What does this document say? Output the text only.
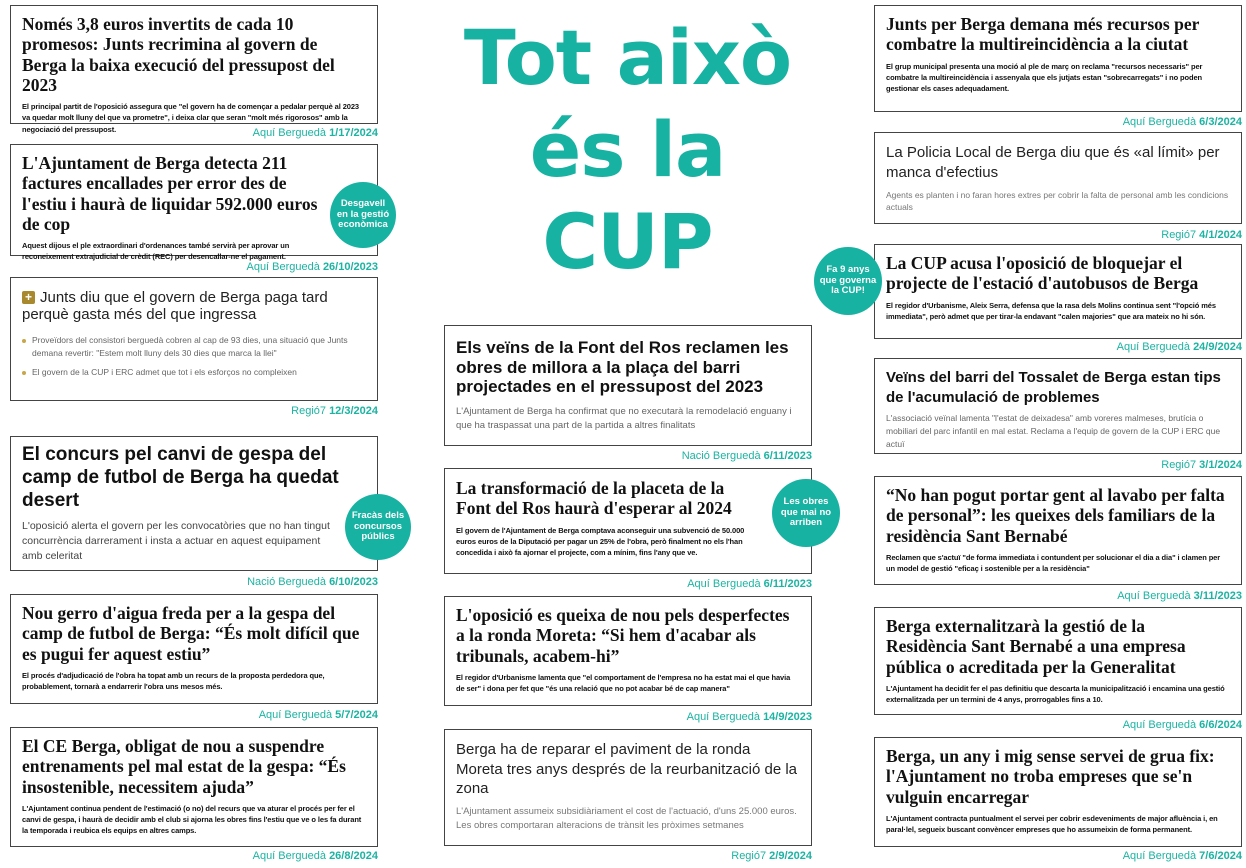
Tot això
és la
CUP

Només 3,8 euros invertits de cada 10 promesos: Junts recrimina al govern de Berga la baixa execució del pressupost del 2023

El principal partit de l'oposició assegura que "el govern ha de començar a pedalar perquè al 2023 va quedar molt lluny del que va prometre", i deixa clar que seran "molt més rigorosos" amb la negociació del pressupost.	Aquí Berguedà 1/17/2024

L'Ajuntament de Berga detecta 211 factures encallades per error des de l'estiu i haurà de liquidar 592.000 euros de cop

Aquest dijous el ple extraordinari d'ordenances també servirà per aprovar un reconeixement extrajudicial de crèdit (REC) per desencallar-ne el pagament.

Aquí Berguedà 26/10/2023

+ Junts diu que el govern de Berga paga tard perquè gasta més del que ingressa

Proveïdors del consistori berguedà cobren al cap de 93 dies, una situació que Junts demana revertir: "Estem molt lluny dels 30 dies que marca la llei"
El govern de la CUP i ERC admet que tot i els esforços no compleixen
Regió7 12/3/2024

El concurs pel canvi de gespa del camp de futbol de Berga ha quedat desert

L'oposició alerta el govern per les convocatòries que no han tingut concurrència darrerament i insta a actuar en aquest equipament amb celeritat

Nació Berguedà 6/10/2023

Nou gerro d'aigua freda per a la gespa del camp de futbol de Berga: “És molt difícil que es pugui fer aquest estiu”

El procés d'adjudicació de l'obra ha topat amb un recurs de la proposta perdedora que, probablement, tornarà a endarrerir l'obra uns mesos més.

Aquí Berguedà 5/7/2024

El CE Berga, obligat de nou a suspendre entrenaments pel mal estat de la gespa: “És insostenible, necessitem ajuda”

L'Ajuntament continua pendent de l'estimació (o no) del recurs que va aturar el procés per fer el canvi de gespa, i haurà de decidir amb el club si ajorna les obres fins l'estiu que ve o les fa durant la temporada i reubica els equips en altres camps.

Aquí Berguedà 26/8/2024

Els veïns de la Font del Ros reclamen les obres de millora a la plaça del barri projectades en el pressupost del 2023

L'Ajuntament de Berga ha confirmat que no executarà la remodelació enguany i que ha traspassat una part de la partida a altres finalitats

Nació Berguedà 6/11/2023

La transformació de la placeta de la Font del Ros haurà d'esperar al 2024

El govern de l'Ajuntament de Berga comptava aconseguir una subvenció de 50.000 euros euros de la Diputació per pagar un 25% de l'obra, però finalment no els l'han concedida i això fa ajornar el projecte, com a mínim, fins l'any que ve.

Aquí Berguedà 6/11/2023

L'oposició es queixa de nou pels desperfectes a la ronda Moreta: “Si hem d'acabar als tribunals, acabem-hi”

El regidor d'Urbanisme lamenta que "el comportament de l'empresa no ha estat mai el que havia de ser" i dona per fet que "és una relació que no pot acabar bé de cap manera"

Aquí Berguedà 14/9/2023

Berga ha de reparar el paviment de la ronda Moreta tres anys després de la reurbanització de la zona

L'Ajuntament assumeix subsidiàriament el cost de l'actuació, d'uns 25.000 euros. Les obres comportaran alteracions de trànsit les pròximes setmanes

Regió7 2/9/2024

Junts per Berga demana més recursos per combatre la multireincidència a la ciutat

El grup municipal presenta una moció al ple de març on reclama "recursos necessaris" per combatre la multireincidència i assenyala que els jutjats estan "sobrecarregats" i no poden gestionar els cases adequadament.

Aquí Berguedà 6/3/2024

La Policia Local de Berga diu que és «al límit» per manca d'efectius

Agents es planten i no faran hores extres per cobrir la falta de personal amb les condicions actuals

Regió7 4/1/2024

La CUP acusa l'oposició de bloquejar el projecte de l'estació d'autobusos de Berga

El regidor d'Urbanisme, Aleix Serra, defensa que la rasa dels Molins continua sent "l'opció més immediata", però admet que per tirar-la endavant "calen majories" que ara mateix no hi són.

Aquí Berguedà 24/9/2024

Veïns del barri del Tossalet de Berga estan tips de l'acumulació de problemes

L'associació veïnal lamenta "l'estat de deixadesa" amb voreres malmeses, brutícia o mobiliari del parc infantil en mal estat. Reclama a l'equip de govern de la CUP i ERC que actuï

Regió7 3/1/2024

“No han pogut portar gent al lavabo per falta de personal”: les queixes dels familiars de la residència Sant Bernabé

Reclamen que s'actuï "de forma immediata i contundent per solucionar el dia a dia" i clamen per un model de gestió "eficaç i sostenible per a la residència"

Aquí Berguedà 3/11/2023

Berga externalitzarà la gestió de la Residència Sant Bernabé a una empresa pública o acreditada per la Generalitat

L'Ajuntament ha decidit fer el pas definitiu que descarta la municipalització i encamina una gestió externalitzada per un termini de 4 anys, prorrogables fins a 10.

Aquí Berguedà 6/6/2024

Berga, un any i mig sense servei de grua fix: l'Ajuntament no troba empreses que se'n vulguin encarregar

L'Ajuntament contracta puntualment el servei per cobrir esdeveniments de major afluència i, en paral·lel, segueix buscant convèncer empreses que ho assumeixin de forma permanent.

Aquí Berguedà 7/6/2024
Desgavell en la gestió econòmica
Fracàs dels concursos públics
Les obres que mai no arriben
Fa 9 anys que governa la CUP!
